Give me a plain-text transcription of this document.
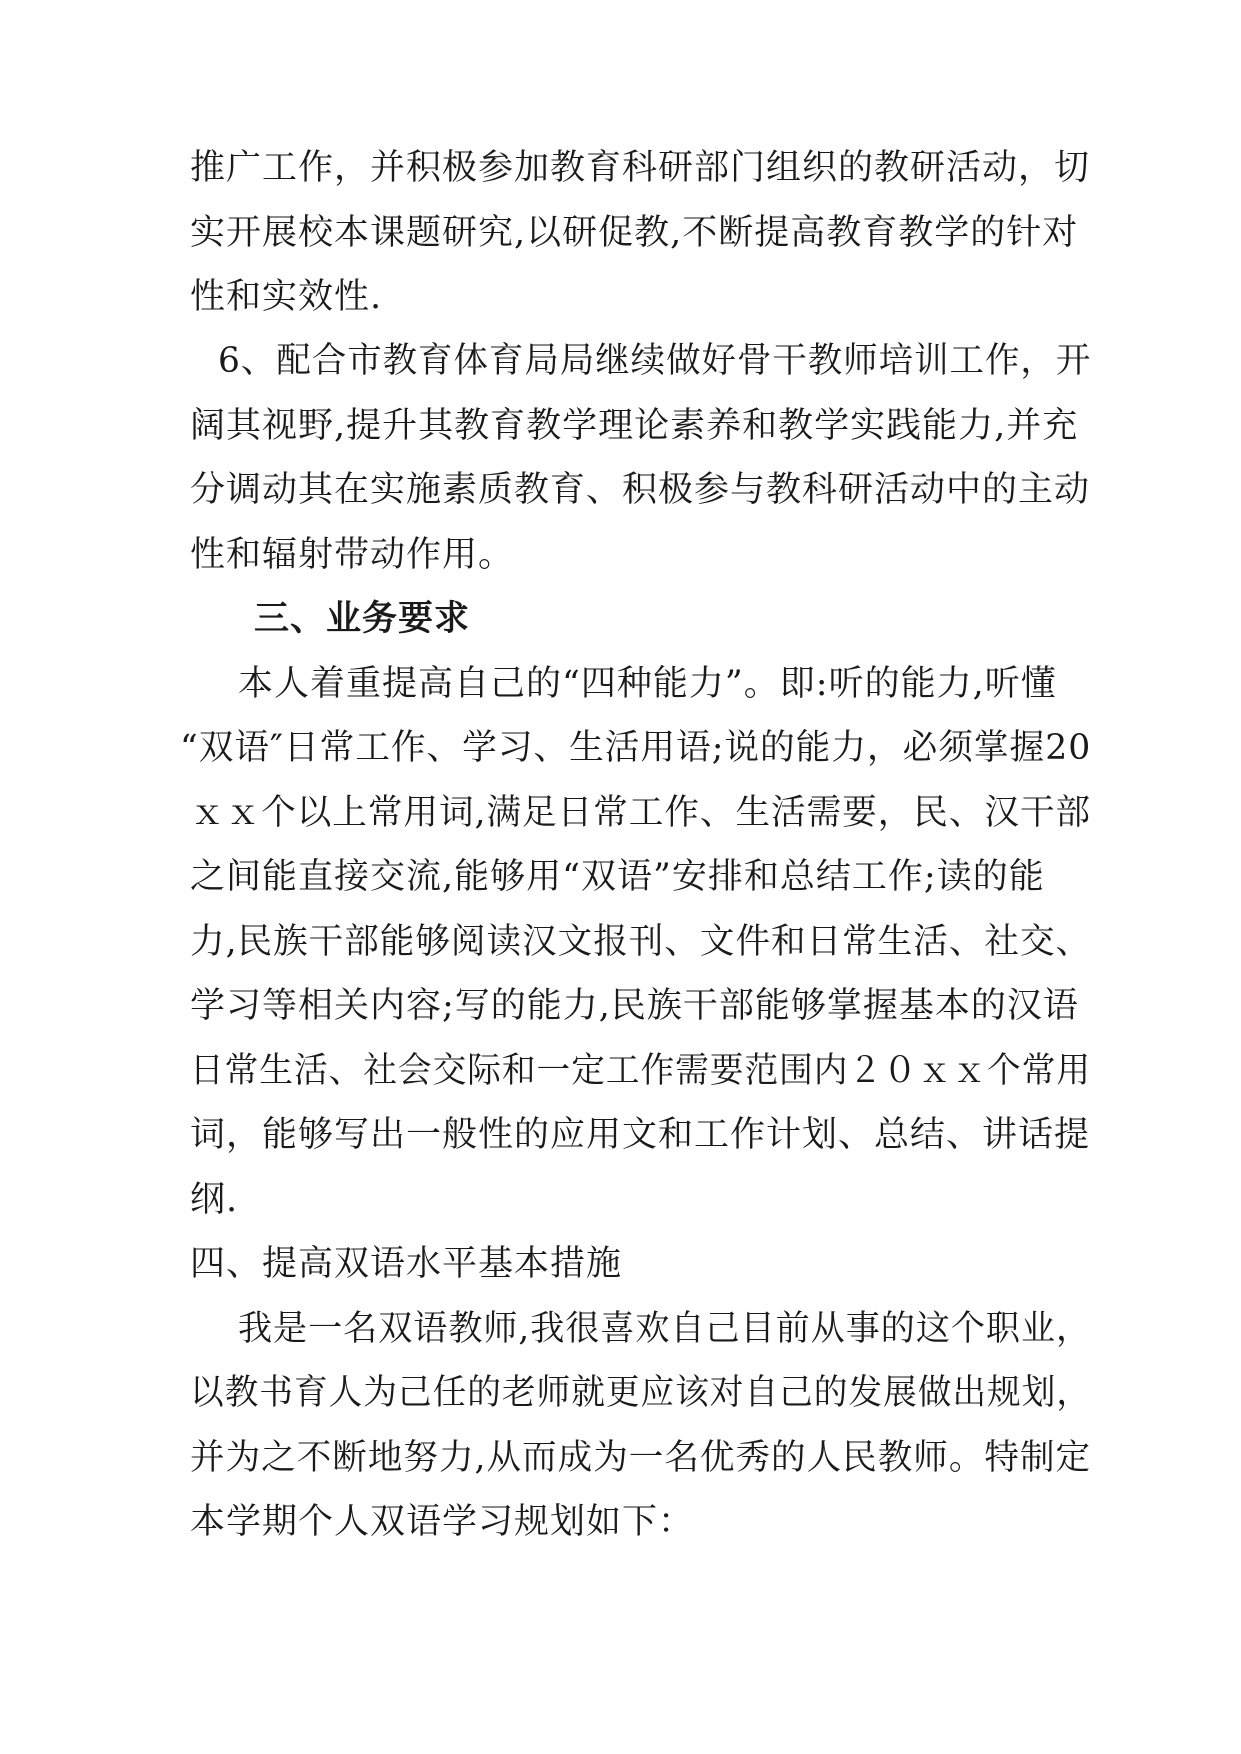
推广工作，并积极参加教育科研部门组织的教研活动，切
实开展校本课题研究,以研促教,不断提高教育教学的针对
性和实效性.
6、配合市教育体育局局继续做好骨干教师培训工作，开
阔其视野,提升其教育教学理论素养和教学实践能力,并充
分调动其在实施素质教育、积极参与教科研活动中的主动
性和辐射带动作用。
三、业务要求
本人着重提高自己的“四种能力”。即:听的能力,听懂
“双语″日常工作、学习、生活用语;说的能力，必须掌握20
ｘｘ个以上常用词,满足日常工作、生活需要，民、汉干部
之间能直接交流,能够用“双语”安排和总结工作;读的能
力,民族干部能够阅读汉文报刊、文件和日常生活、社交、
学习等相关内容;写的能力,民族干部能够掌握基本的汉语
日常生活、社会交际和一定工作需要范围内２０ｘｘ个常用
词，能够写出一般性的应用文和工作计划、总结、讲话提
纲.
四、提高双语水平基本措施
我是一名双语教师,我很喜欢自己目前从事的这个职业，
以教书育人为己任的老师就更应该对自己的发展做出规划，
并为之不断地努力,从而成为一名优秀的人民教师。特制定
本学期个人双语学习规划如下：
